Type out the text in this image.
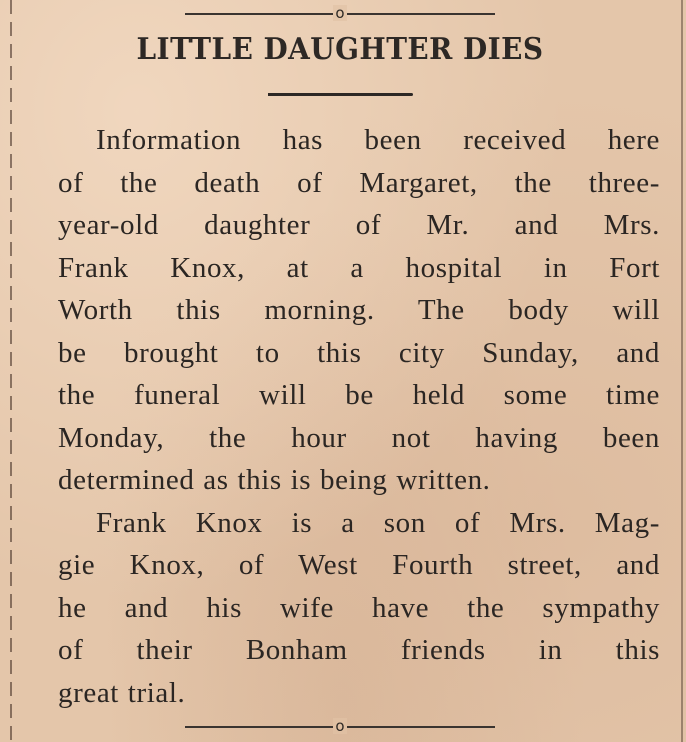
o
LITTLE DAUGHTER DIES
Information has been received here
of the death of Margaret, the three-
year-old daughter of Mr. and Mrs.
Frank Knox, at a hospital in Fort
Worth this morning. The body will
be brought to this city Sunday, and
the funeral will be held some time
Monday, the hour not having been
determined as this is being written.
Frank Knox is a son of Mrs. Mag-
gie Knox, of West Fourth street, and
he and his wife have the sympathy
of their Bonham friends in this
great trial.
o
